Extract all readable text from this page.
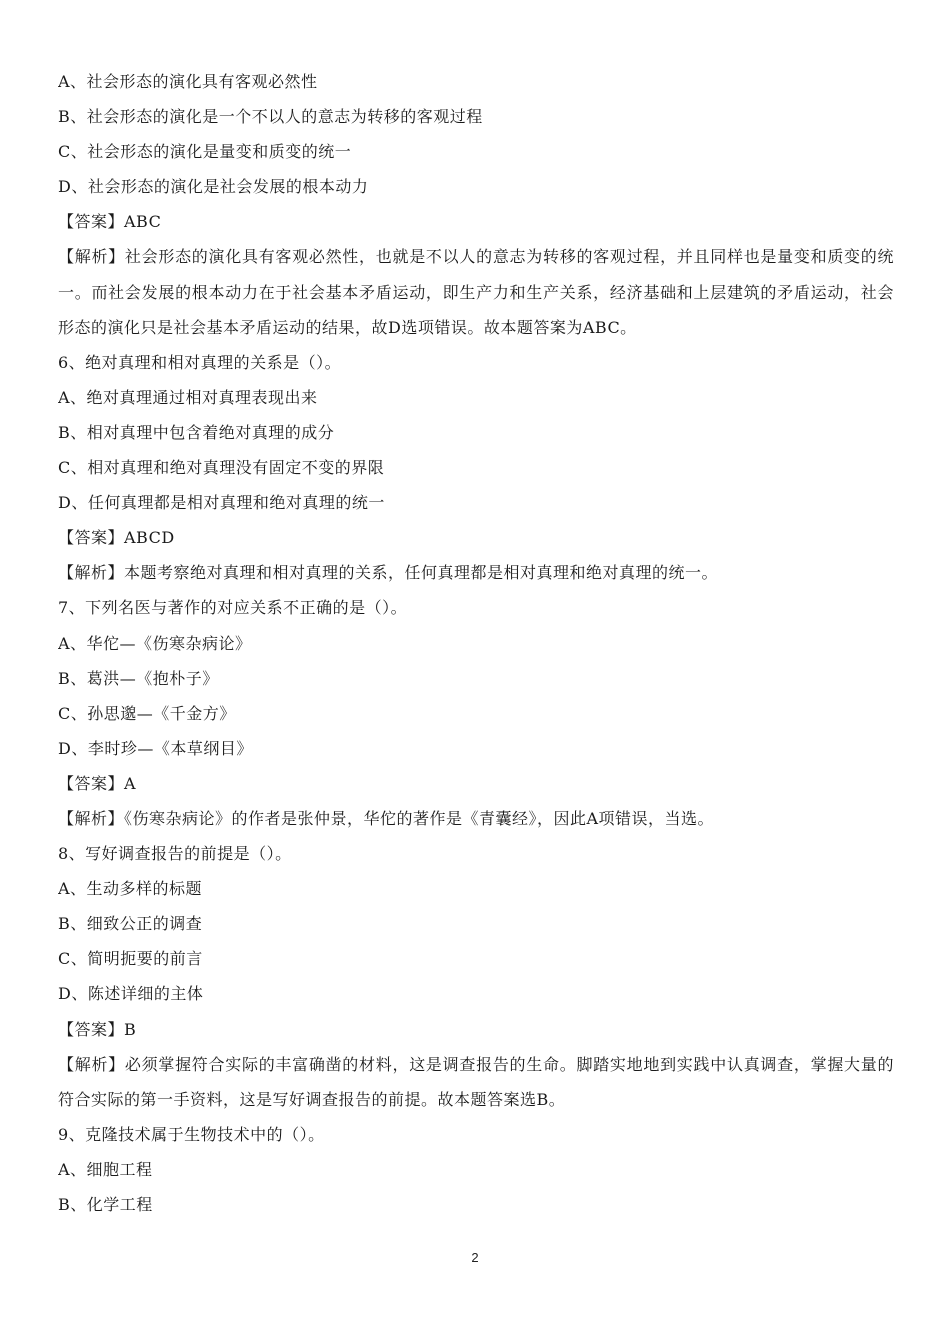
A、社会形态的演化具有客观必然性
B、社会形态的演化是一个不以人的意志为转移的客观过程
C、社会形态的演化是量变和质变的统一
D、社会形态的演化是社会发展的根本动力
【答案】ABC
【解析】社会形态的演化具有客观必然性，也就是不以人的意志为转移的客观过程，并且同样也是量变和质变的统一。而社会发展的根本动力在于社会基本矛盾运动，即生产力和生产关系，经济基础和上层建筑的矛盾运动，社会形态的演化只是社会基本矛盾运动的结果，故D选项错误。故本题答案为ABC。
6、绝对真理和相对真理的关系是（）。
A、绝对真理通过相对真理表现出来
B、相对真理中包含着绝对真理的成分
C、相对真理和绝对真理没有固定不变的界限
D、任何真理都是相对真理和绝对真理的统一
【答案】ABCD
【解析】本题考察绝对真理和相对真理的关系，任何真理都是相对真理和绝对真理的统一。
7、下列名医与著作的对应关系不正确的是（）。
A、华佗—《伤寒杂病论》
B、葛洪—《抱朴子》
C、孙思邈—《千金方》
D、李时珍—《本草纲目》
【答案】A
【解析】《伤寒杂病论》的作者是张仲景，华佗的著作是《青囊经》，因此A项错误，当选。
8、写好调查报告的前提是（）。
A、生动多样的标题
B、细致公正的调查
C、简明扼要的前言
D、陈述详细的主体
【答案】B
【解析】必须掌握符合实际的丰富确凿的材料，这是调查报告的生命。脚踏实地地到实践中认真调查，掌握大量的符合实际的第一手资料，这是写好调查报告的前提。故本题答案选B。
9、克隆技术属于生物技术中的（）。
A、细胞工程
B、化学工程
2
